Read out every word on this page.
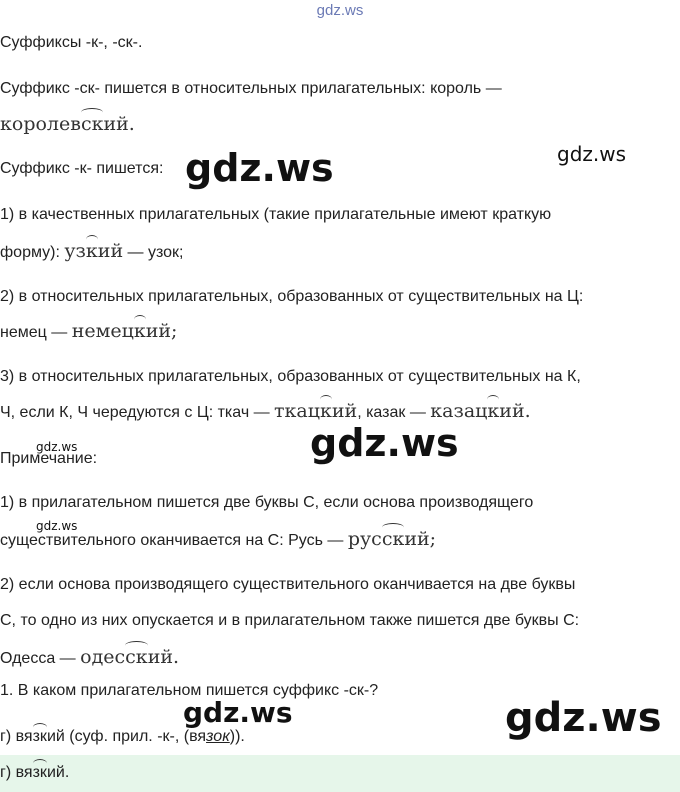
gdz.ws
Суффиксы -к-, -ск-.
Суффикс -ск- пишется в относительных прилагательных: король —
королевский.
Суффикс -к- пишется:
1) в качественных прилагательных (такие прилагательные имеют краткую
форму): узкий — узок;
2) в относительных прилагательных, образованных от существительных на Ц:
немец — немецкий;
3) в относительных прилагательных, образованных от существительных на К,
Ч, если К, Ч чередуются с Ц: ткач — ткацкий, казак — казацкий.
Примечание:
1) в прилагательном пишется две буквы С, если основа производящего
существительного оканчивается на С: Русь — русский;
2) если основа производящего существительного оканчивается на две буквы
С, то одно из них опускается и в прилагательном также пишется две буквы С:
Одесса — одесский.
1. В каком прилагательном пишется суффикс -ск-?
г) вязкий (суф. прил. -к-, (вязок)).
г) вязкий.
gdz.ws	gdz.ws
gdz.ws
gdz.ws
gdz.ws
gdz.ws	gdz.ws
